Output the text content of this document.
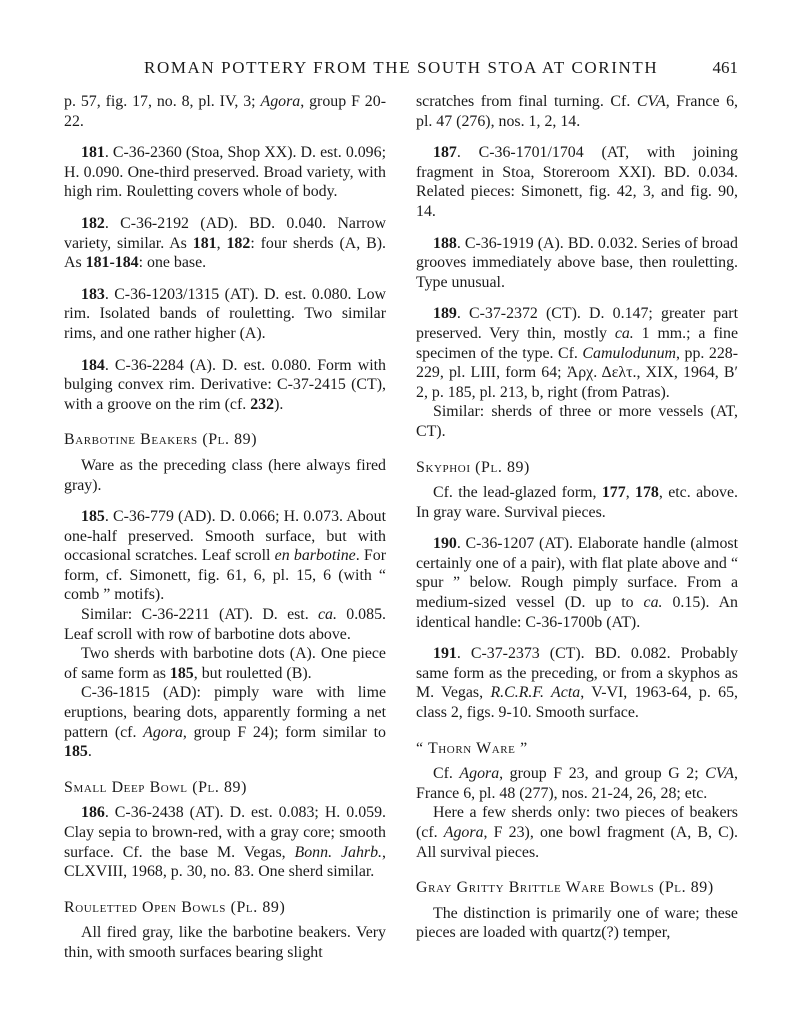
ROMAN POTTERY FROM THE SOUTH STOA AT CORINTH	461

p. 57, fig. 17, no. 8, pl. IV, 3; Agora, group F 20-22.

181. C-36-2360 (Stoa, Shop XX). D. est. 0.096; H. 0.090. One-third preserved. Broad variety, with high rim. Rouletting covers whole of body.

182. C-36-2192 (AD). BD. 0.040. Narrow variety, similar. As 181, 182: four sherds (A, B). As 181-184: one base.

183. C-36-1203/1315 (AT). D. est. 0.080. Low rim. Isolated bands of rouletting. Two similar rims, and one rather higher (A).

184. C-36-2284 (A). D. est. 0.080. Form with bulging convex rim. Derivative: C-37-2415 (CT), with a groove on the rim (cf. 232).

Barbotine Beakers (Pl. 89)

Ware as the preceding class (here always fired gray).

185. C-36-779 (AD). D. 0.066; H. 0.073. About one-half preserved. Smooth surface, but with occasional scratches. Leaf scroll en barbotine. For form, cf. Simonett, fig. 61, 6, pl. 15, 6 (with “ comb ” motifs).

Similar: C-36-2211 (AT). D. est. ca. 0.085. Leaf scroll with row of barbotine dots above.

Two sherds with barbotine dots (A). One piece of same form as 185, but rouletted (B).

C-36-1815 (AD): pimply ware with lime eruptions, bearing dots, apparently forming a net pattern (cf. Agora, group F 24); form similar to 185.

Small Deep Bowl (Pl. 89)

186. C-36-2438 (AT). D. est. 0.083; H. 0.059. Clay sepia to brown-red, with a gray core; smooth surface. Cf. the base M. Vegas, Bonn. Jahrb., CLXVIII, 1968, p. 30, no. 83. One sherd similar.

Rouletted Open Bowls (Pl. 89)

All fired gray, like the barbotine beakers. Very thin, with smooth surfaces bearing slight

scratches from final turning. Cf. CVA, France 6, pl. 47 (276), nos. 1, 2, 14.

187. C-36-1701/1704 (AT, with joining fragment in Stoa, Storeroom XXI). BD. 0.034. Related pieces: Simonett, fig. 42, 3, and fig. 90, 14.

188. C-36-1919 (A). BD. 0.032. Series of broad grooves immediately above base, then rouletting. Type unusual.

189. C-37-2372 (CT). D. 0.147; greater part preserved. Very thin, mostly ca. 1 mm.; a fine specimen of the type. Cf. Camulodunum, pp. 228-229, pl. LIII, form 64; Ἀρχ. Δελτ., XIX, 1964, B′ 2, p. 185, pl. 213, b, right (from Patras).

Similar: sherds of three or more vessels (AT, CT).

Skyphoi (Pl. 89)

Cf. the lead-glazed form, 177, 178, etc. above. In gray ware. Survival pieces.

190. C-36-1207 (AT). Elaborate handle (almost certainly one of a pair), with flat plate above and “ spur ” below. Rough pimply surface. From a medium-sized vessel (D. up to ca. 0.15). An identical handle: C-36-1700b (AT).

191. C-37-2373 (CT). BD. 0.082. Probably same form as the preceding, or from a skyphos as M. Vegas, R.C.R.F. Acta, V-VI, 1963-64, p. 65, class 2, figs. 9-10. Smooth surface.

“ Thorn Ware ”

Cf. Agora, group F 23, and group G 2; CVA, France 6, pl. 48 (277), nos. 21-24, 26, 28; etc.

Here a few sherds only: two pieces of beakers (cf. Agora, F 23), one bowl fragment (A, B, C). All survival pieces.

Gray Gritty Brittle Ware Bowls (Pl. 89)

The distinction is primarily one of ware; these pieces are loaded with quartz(?) temper,
